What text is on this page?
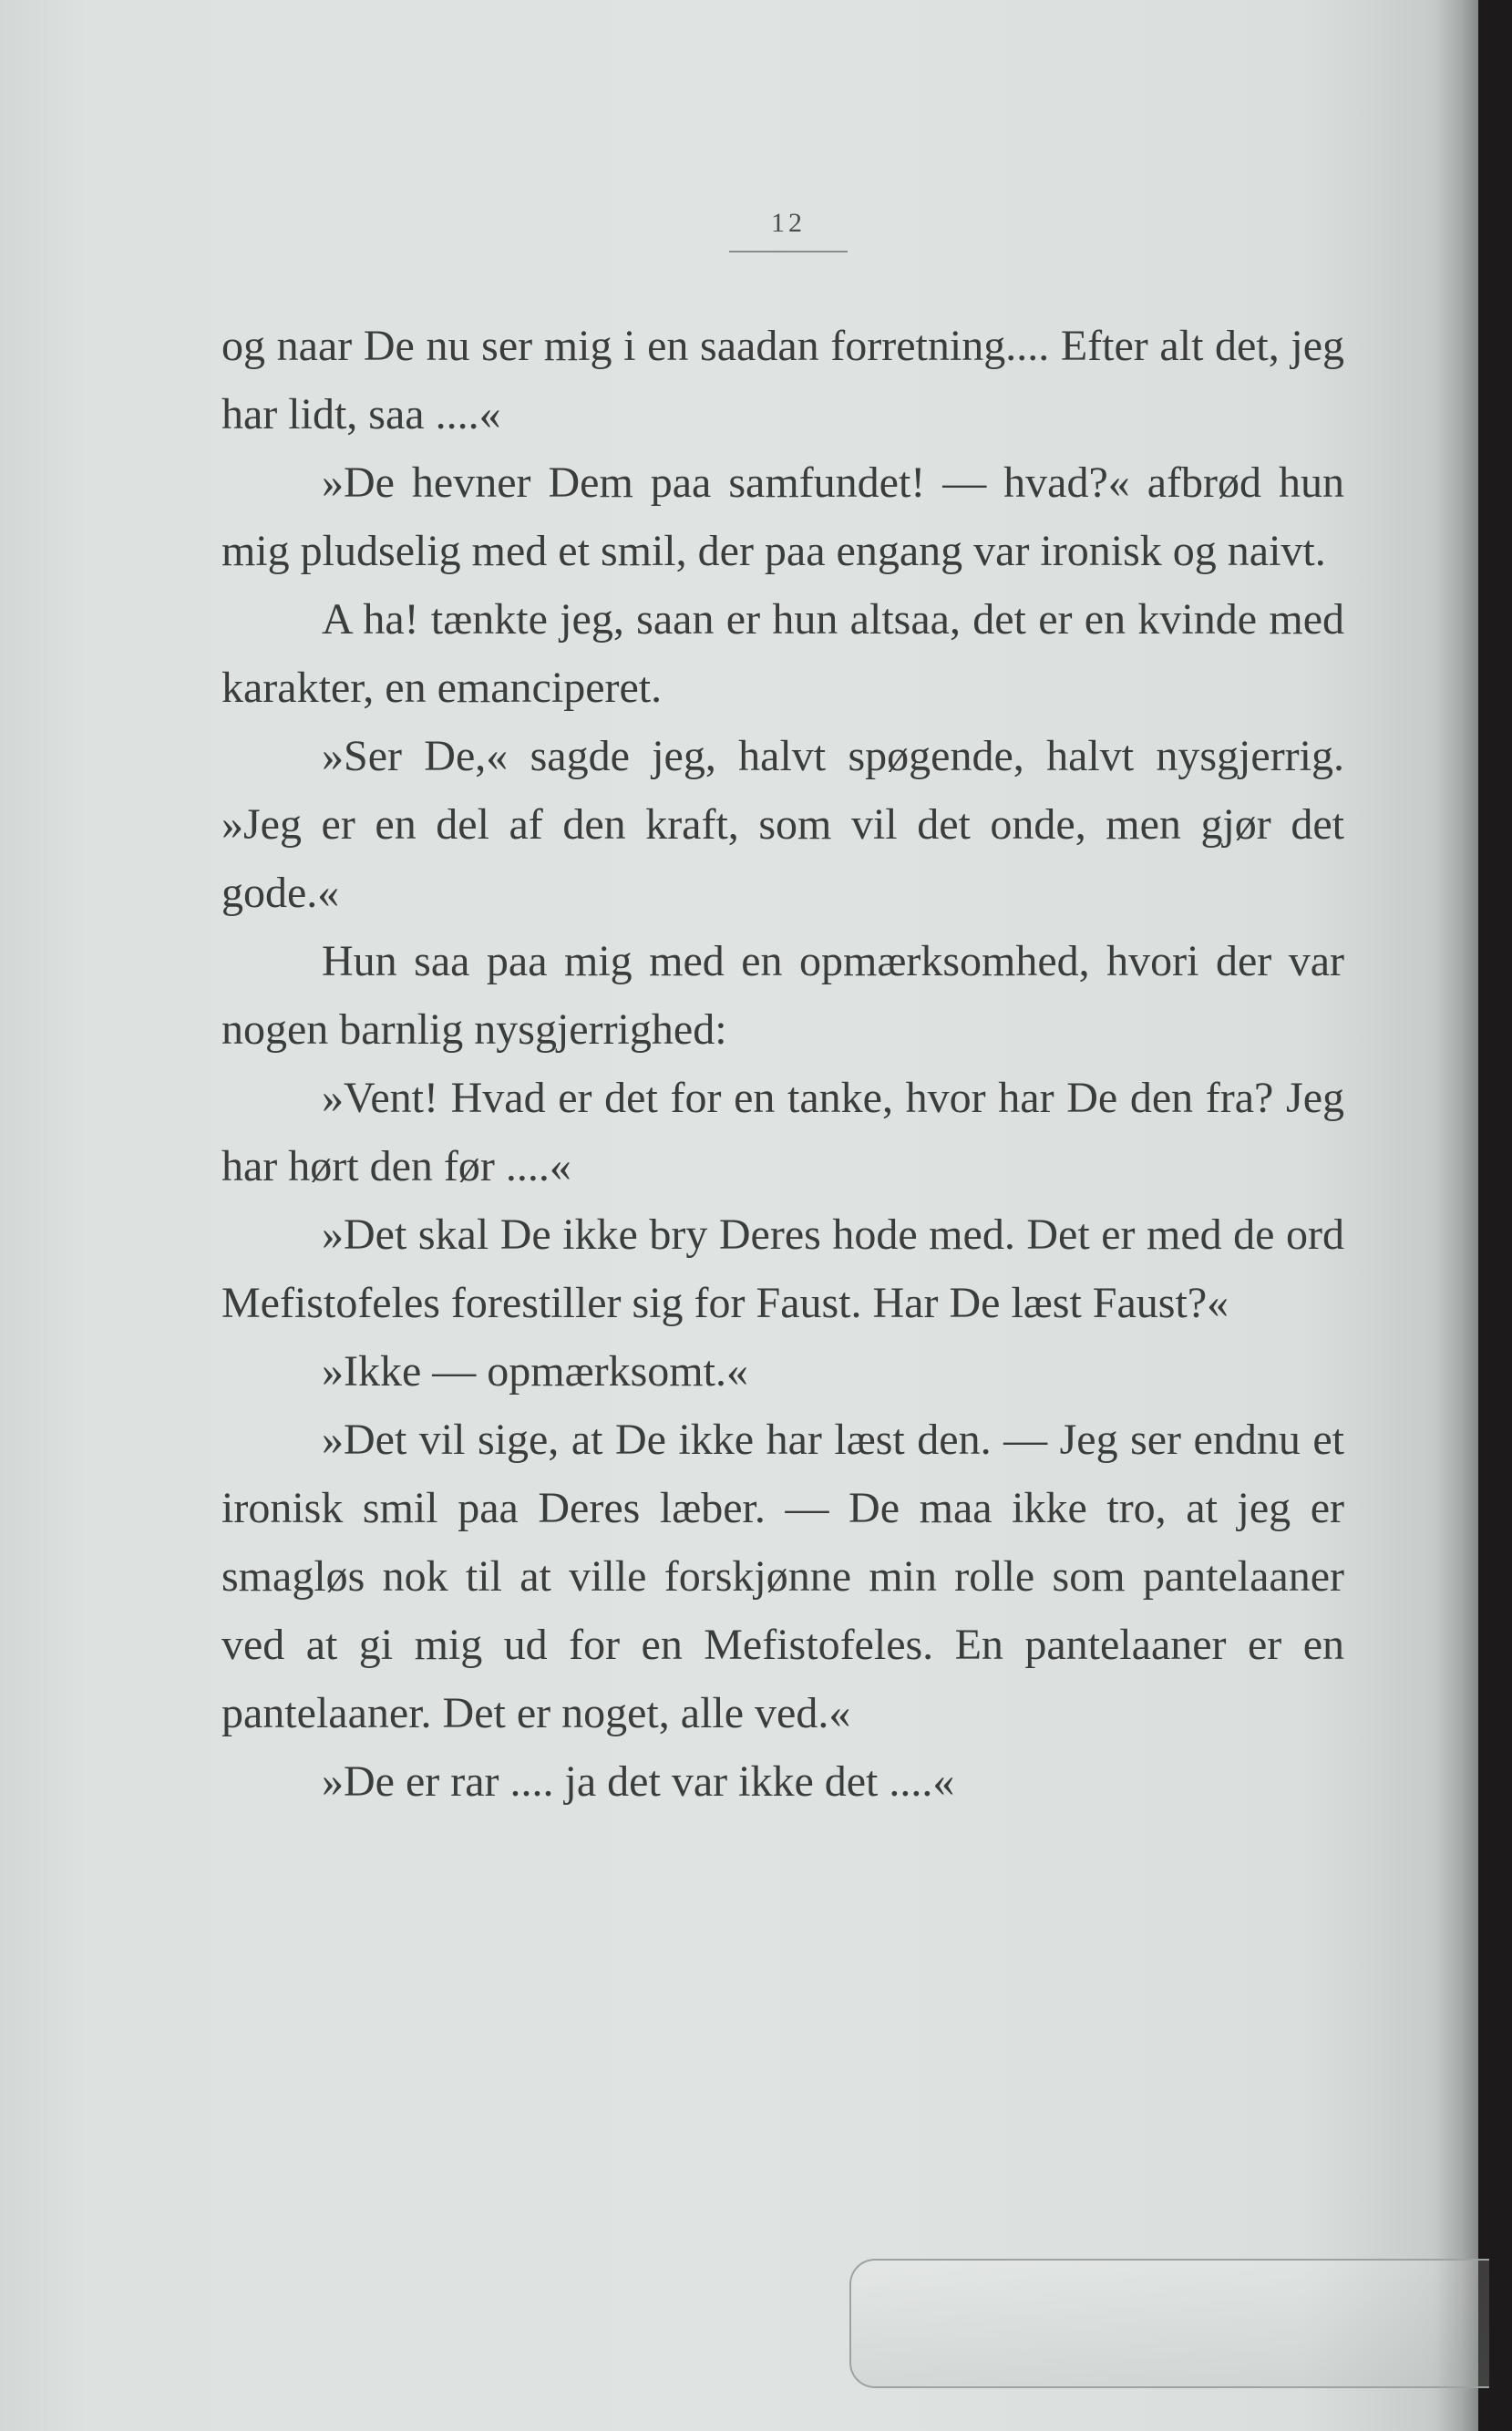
12

og naar De nu ser mig i en saadan forretning.... Efter alt det, jeg har lidt, saa ....«

»De hevner Dem paa samfundet! — hvad?« afbrød hun mig pludselig med et smil, der paa engang var ironisk og naivt.

A ha! tænkte jeg, saan er hun altsaa, det er en kvinde med karakter, en emanciperet.

»Ser De,« sagde jeg, halvt spøgende, halvt nysgjerrig. »Jeg er en del af den kraft, som vil det onde, men gjør det gode.«

Hun saa paa mig med en opmærksomhed, hvori der var nogen barnlig nysgjerrighed:

»Vent! Hvad er det for en tanke, hvor har De den fra? Jeg har hørt den før ....«

»Det skal De ikke bry Deres hode med. Det er med de ord Mefistofeles forestiller sig for Faust. Har De læst Faust?«

»Ikke — opmærksomt.«

»Det vil sige, at De ikke har læst den. — Jeg ser endnu et ironisk smil paa Deres læber. — De maa ikke tro, at jeg er smagløs nok til at ville forskjønne min rolle som pantelaaner ved at gi mig ud for en Mefistofeles. En pantelaaner er en pantelaaner. Det er noget, alle ved.«

»De er rar .... ja det var ikke det ....«
